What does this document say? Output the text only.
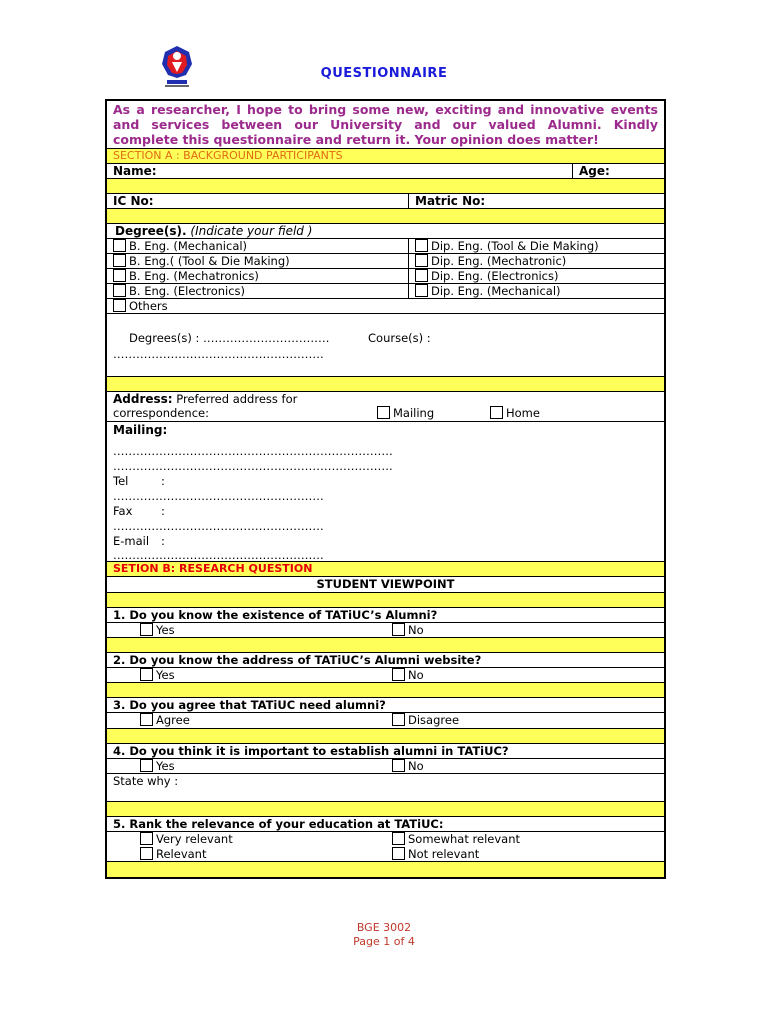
QUESTIONNAIRE
As a researcher, I hope to bring some new, exciting and innovative events
and services between our University and our valued Alumni. Kindly
complete this questionnaire and return it. Your opinion does matter!
SECTION A : BACKGROUND PARTICIPANTS
Name:	Age:
IC No:	Matric No:
Degree(s). (Indicate your field )
B. Eng. (Mechanical)	Dip. Eng. (Tool & Die Making)
B. Eng.( (Tool & Die Making)	Dip. Eng. (Mechatronic)
B. Eng. (Mechatronics)	Dip. Eng. (Electronics)
B. Eng. (Electronics)	Dip. Eng. (Mechanical)
Others
Degrees(s) : ……………………………	Course(s) :
……………………………………………….
Address: Preferred address for
correspondence:	Mailing	Home
Mailing:
……………………………………………………………….
……………………………………………………………….
Tel	:
……………………………………………….
Fax :
……………………………………………….
E-mail :
……………………………………………….
SETION B: RESEARCH QUESTION
STUDENT VIEWPOINT
1. Do you know the existence of TATiUC’s Alumni?
Yes	No
2. Do you know the address of TATiUC’s Alumni website?
Yes	No
3. Do you agree that TATiUC need alumni?
Agree	Disagree
4. Do you think it is important to establish alumni in TATiUC?
Yes	No
State why :
5. Rank the relevance of your education at TATiUC:
Very relevant	Somewhat relevant
Relevant	Not relevant
BGE 3002
Page 1 of 4
